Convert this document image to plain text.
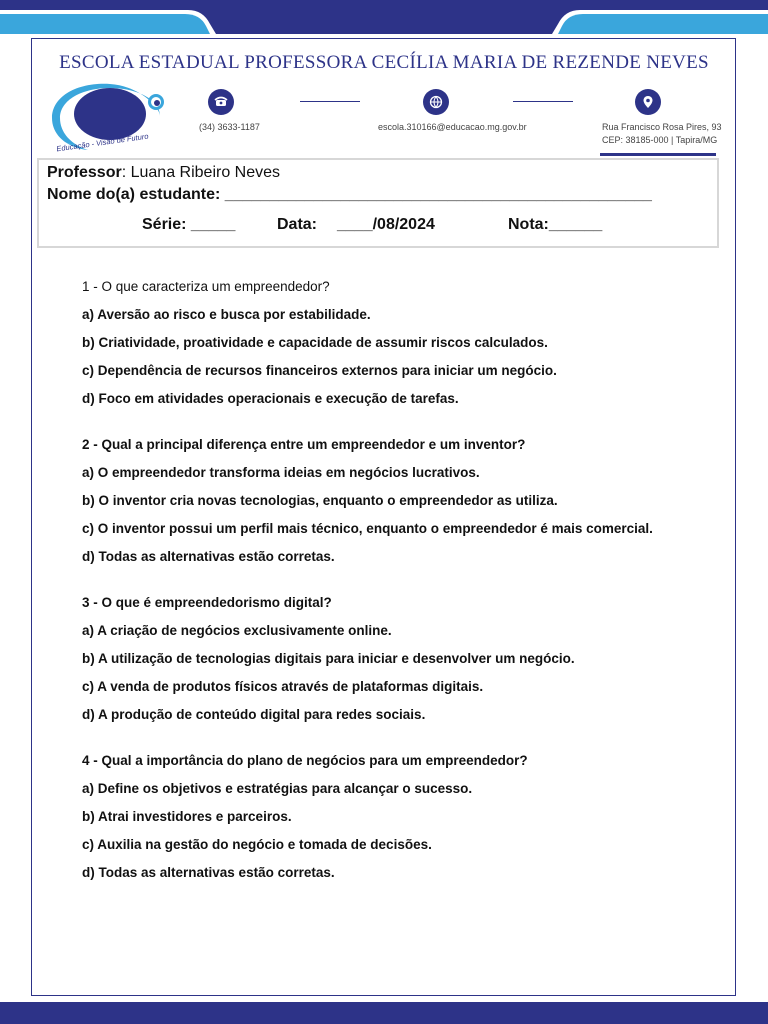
ESCOLA ESTADUAL PROFESSORA CECÍLIA MARIA DE REZENDE NEVES
Educação - Visão de Futuro
(34) 3633-1187	escola.310166@educacao.mg.gov.br	Rua Francisco Rosa Pires, 93
CEP: 38185-000 | Tapira/MG
Professor: Luana Ribeiro Neves
Nome do(a) estudante: ________________________________________________
Série: _____	Data: ____/08/2024	Nota:______

1 - O que caracteriza um empreendedor?

a) Aversão ao risco e busca por estabilidade.

b) Criatividade, proatividade e capacidade de assumir riscos calculados.

c) Dependência de recursos financeiros externos para iniciar um negócio.

d) Foco em atividades operacionais e execução de tarefas.

2 - Qual a principal diferença entre um empreendedor e um inventor?

a) O empreendedor transforma ideias em negócios lucrativos.

b) O inventor cria novas tecnologias, enquanto o empreendedor as utiliza.

c) O inventor possui um perfil mais técnico, enquanto o empreendedor é mais comercial.

d) Todas as alternativas estão corretas.

3 - O que é empreendedorismo digital?

a) A criação de negócios exclusivamente online.

b) A utilização de tecnologias digitais para iniciar e desenvolver um negócio.

c) A venda de produtos físicos através de plataformas digitais.

d) A produção de conteúdo digital para redes sociais.

4 - Qual a importância do plano de negócios para um empreendedor?

a) Define os objetivos e estratégias para alcançar o sucesso.

b) Atrai investidores e parceiros.

c) Auxilia na gestão do negócio e tomada de decisões.

d) Todas as alternativas estão corretas.
